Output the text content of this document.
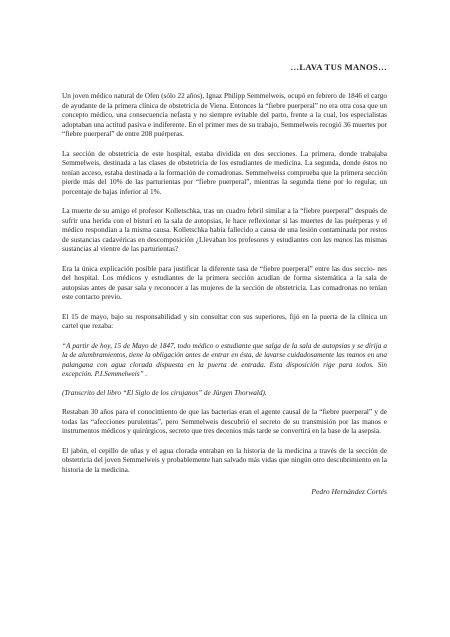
…LAVA TUS MANOS…

Un joven médico natural de Ofen (sólo 22 años), Ignaz Philipp Semmelweis, ocupó en febrero de 1846 el cargo de ayudante de la primera clínica de obstetricia de Viena. Entonces la “fiebre puerperal” no era otra cosa que un concepto médico, una consecuencia nefasta y no siempre evitable del parto, frente a la cual, los especialistas adoptaban una actitud pasiva e indiferente. En el primer mes de su trabajo, Semmelweis recogió 36 muertes por “fiebre puerperal” de entre 208 puérperas.

La sección de obstetricia de este hospital, estaba dividida en dos secciones. La primera, donde trabajaba Semmelweis, destinada a las clases de obstetricia de los estudiantes de medicina. La segunda, donde éstos no tenían acceso, estaba destinada a la formación de comadronas. Semmelweiss comprueba que la primera sección pierde más del 10% de las parturientas por “fiebre puerperal”, mientras la segunda tiene por lo regular, un porcentaje de bajas inferior al 1%.

La muerte de su amigo el profesor Kolletschka, tras un cuadro febril similar a la “fiebre puerperal” después de sufrir una herida con el bisturí en la sala de autopsias, le hace reflexionar si las muertes de las puérperas y el médico respondían a la misma causa. Kolletschka había fallecido a causa de una lesión contaminada por restos de sustancias cadavéricas en descomposición ¿Llevaban los profesores y estudiantes con las manos las mismas sustancias al vientre de las parturientas?

Era la única explicación posible para justificar la diferente tasa de “fiebre puerperal” entre las dos seccio- nes del hospital. Los médicos y estudiantes de la primera sección acudían de forma sistemática a la sala de autopsias antes de pasar sala y reconocer a las mujeres de la sección de obstetricia. Las comadronas no tenían este contacto previo.

El 15 de mayo, bajo su responsabilidad y sin consultar con sus superiores, fijó en la puerta de la clínica un cartel que rezaba:

“A partir de hoy, 15 de Mayo de 1847, todo médico o estudiante que salga de la sala de autopsias y se dirija a la de alumbramientos, tiene la obligación antes de entrar en ésta, de lavarse cuidadosamente las manos en una palangana con agua clorada dispuesta en la puerta de entrada. Esta disposición rige para todos. Sin excepción. P.I.Semmelweis” .

(Transcrito del libro “El Siglo de los cirujanos” de Jürgen Thorwald).

Restaban 30 años para el conocimiento de que las bacterias eran el agente causal de la “fiebre puerperal” y de todas las “afecciones purulentas”, pero Semmelweis descubrió el secreto de su transmisión por las manos e instrumentos médicos y quirúrgicos, secreto que tres decenios más tarde se convertirá en la base de la asepsia.

El jabón, el cepillo de uñas y el agua clorada entraban en la historia de la medicina a través de la sección de obstetricia del joven Semmelweis y probablemente han salvado más vidas que ningún otro descubrimiento en la historia de la medicina.

Pedro Hernández Cortés
